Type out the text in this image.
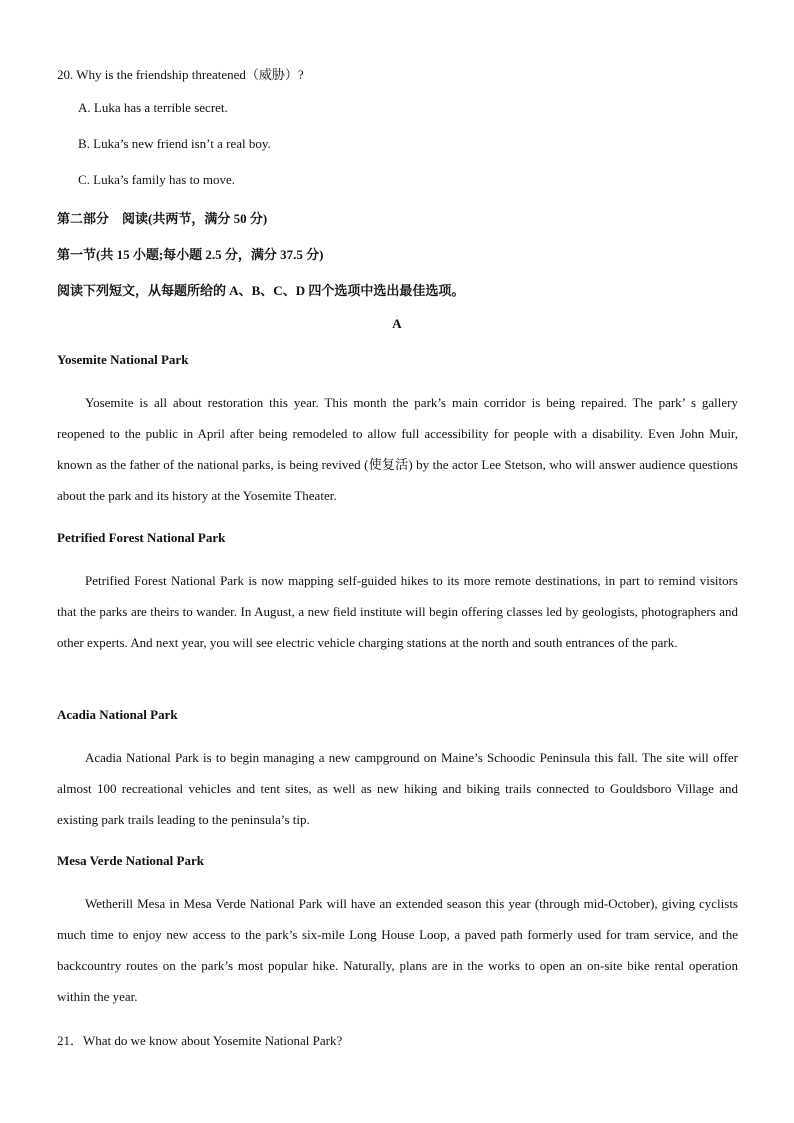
20. Why is the friendship threatened（威胁）?

A. Luka has a terrible secret.

B. Luka’s new friend isn’t a real boy.

C. Luka’s family has to move.

第二部分　阅读(共两节，满分 50 分)

第一节(共 15 小题;每小题 2.5 分，满分 37.5 分)

阅读下列短文，从每题所给的 A、B、C、D 四个选项中选出最佳选项。

A

Yosemite National Park

Yosemite is all about restoration this year. This month the park’s main corridor is being repaired. The park’ s gallery reopened to the public in April after being remodeled to allow full accessibility for people with a disability. Even John Muir, known as the father of the national parks, is being revived (使复活) by the actor Lee Stetson, who will answer audience questions about the park and its history at the Yosemite Theater.

Petrified Forest National Park

Petrified Forest National Park is now mapping self-guided hikes to its more remote destinations, in part to remind visitors that the parks are theirs to wander. In August, a new field institute will begin offering classes led by geologists, photographers and other experts. And next year, you will see electric vehicle charging stations at the north and south entrances of the park.

Acadia National Park

Acadia National Park is to begin managing a new campground on Maine’s Schoodic Peninsula this fall. The site will offer almost 100 recreational vehicles and tent sites, as well as new hiking and biking trails connected to Gouldsboro Village and existing park trails leading to the peninsula’s tip.

Mesa Verde National Park

Wetherill Mesa in Mesa Verde National Park will have an extended season this year (through mid-October), giving cyclists much time to enjoy new access to the park’s six-mile Long House Loop, a paved path formerly used for tram service, and the backcountry routes on the park’s most popular hike. Naturally, plans are in the works to open an on-site bike rental operation within the year.

21．What do we know about Yosemite National Park?
